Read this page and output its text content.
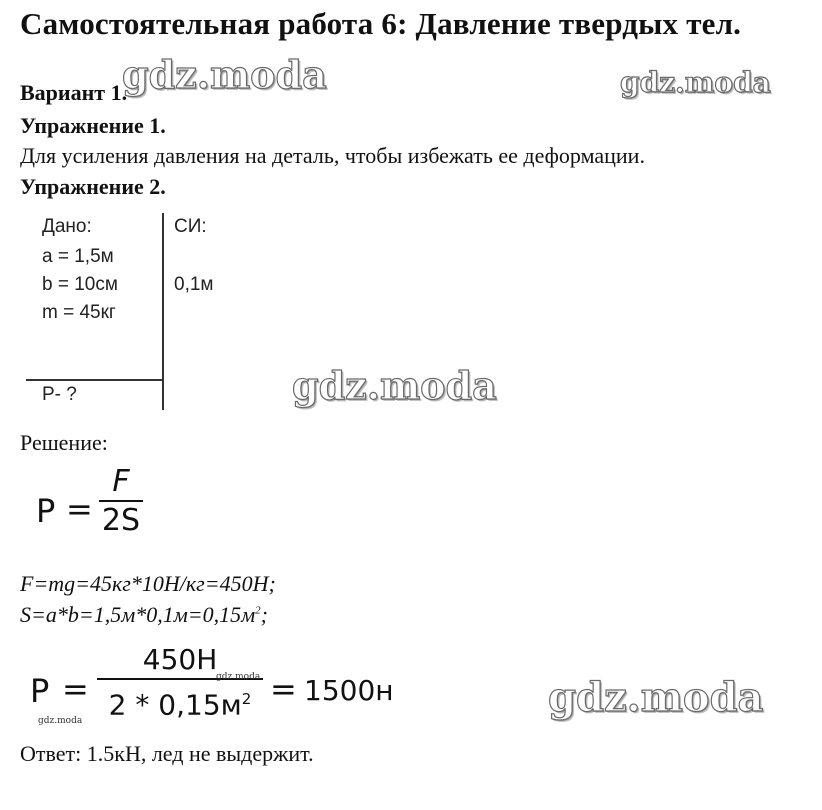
Самостоятельная работа 6: Давление твердых тел.
Вариант 1.
Упражнение 1.
Для усиления давления на деталь, чтобы избежать ее деформации.
Упражнение 2.
Дано:
a = 1,5м
b = 10см
m = 45кг
P- ?
СИ:
0,1м
Решение:
P =
F
2S
F=mg=45кг*10Н/кг=450Н;
$S=a*b=1,5м*0,1м=0,15м^2$;
P =
450Н
$2 * 0,15м^2 = 1500н$
Ответ: 1.5кН, лед не выдержит.
gdz.moda	gdz.moda
gdz.moda
gdz.moda
gdz.moda
gdz.moda
